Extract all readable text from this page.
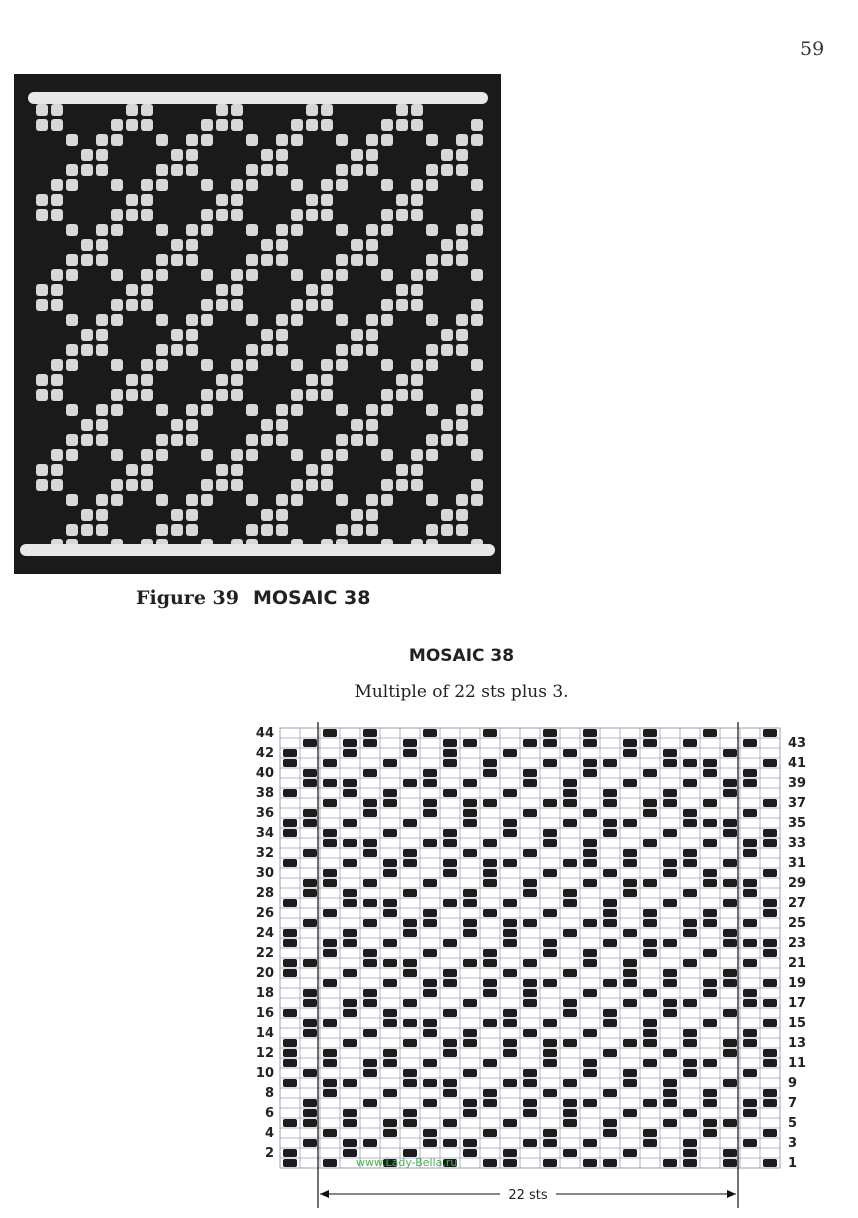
59
Figure 39 MOSAIC 38
MOSAIC 38
Multiple of 22 sts plus 3.
2
4
6
8
10
12
14
16
18
20
22
24
26
28
30
32
34
36
38
40
42
44
1
3
5
7
9
11
13
15
17
19
21
23
25
27
29
31
33
35
37
39
41
43
22 sts
www.Lady-Bella.ru
